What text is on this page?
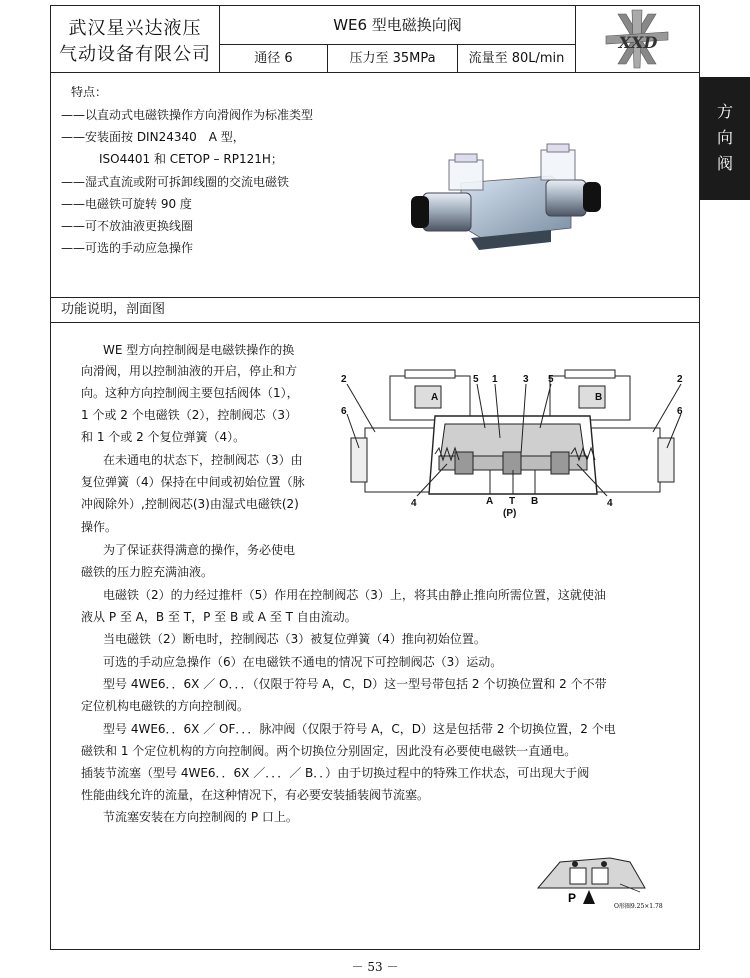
武汉星兴达液压
气动设备有限公司
WE6 型电磁换向阀
通径 6	压力至 35MPa	流量至 80L/min
XXD
方
向
阀
特点：
——以直动式电磁铁操作方向滑阀作为标准类型
——安装面按 DIN24340　A 型，
ISO4401 和 CETOP – RP121H；
——湿式直流或附可拆卸线圈的交流电磁铁
——电磁铁可旋转 90 度
——可不放油液更换线圈
——可选的手动应急操作
功能说明，剖面图
WE 型方向控制阀是电磁铁操作的换
向滑阀，用以控制油液的开启，停止和方
向。这种方向控制阀主要包括阀体（1），
1 个或 2 个电磁铁（2），控制阀芯（3）
和 1 个或 2 个复位弹簧（4）。
在未通电的状态下，控制阀芯（3）由
复位弹簧（4）保持在中间或初始位置（脉
冲阀除外）,控制阀芯(3)由湿式电磁铁(2)
操作。
为了保证获得满意的操作，务必使电
磁铁的压力腔充满油液。
电磁铁（2）的力经过推杆（5）作用在控制阀芯（3）上，将其由静止推向所需位置，这就使油
液从 P 至 A，B 至 T，P 至 B 或 A 至 T 自由流动。
当电磁铁（2）断电时，控制阀芯（3）被复位弹簧（4）推向初始位置。
可选的手动应急操作（6）在电磁铁不通电的情况下可控制阀芯（3）运动。
型号 4WE6．．6X ／ O．．．（仅限于符号 A，C，D）这一型号带包括 2 个切换位置和 2 个不带
定位机构电磁铁的方向控制阀。
型号 4WE6．．6X ／ OF．．．脉冲阀（仅限于符号 A，C，D）这是包括带 2 个切换位置，2 个电
磁铁和 1 个定位机构的方向控制阀。两个切换位分别固定，因此没有必要使电磁铁一直通电。
插装节流塞（型号 4WE6．．6X ／．．．／ B．．）由于切换过程中的特殊工作状态，可出现大于阀
性能曲线允许的流量，在这种情况下，有必要安装插装阀节流塞。
节流塞安装在方向控制阀的 P 口上。
2	5 1	3 5	2
6	6
A	B
4	4
A T B
(P)
P
O形圈9.25×1.78
－ 53 －
